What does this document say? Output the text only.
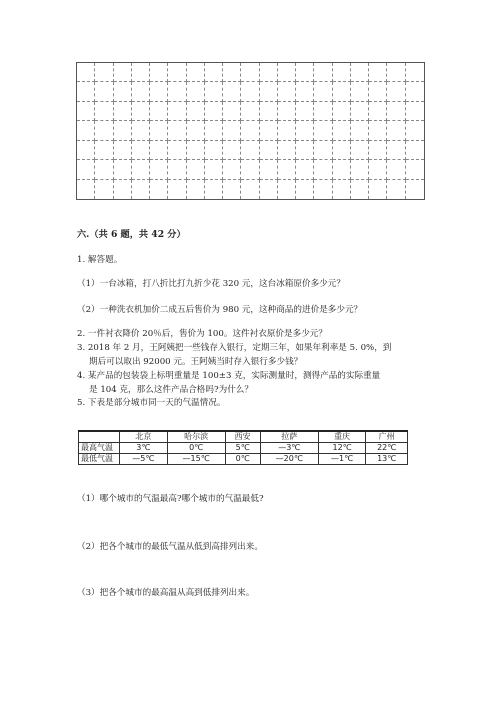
六.（共 6 题，共 42 分）

1. 解答题。

（1）一台冰箱，打八折比打九折少花 320 元，这台冰箱原价多少元？

（2）一种洗衣机加价二成五后售价为 980 元，这种商品的进价是多少元？

2. 一件衬衣降价 20％后，售价为 100。这件衬衣原价是多少元？

3. 2018 年 2 月，王阿姨把一些钱存入银行，定期三年，如果年利率是 5. 0%，到

期后可以取出 92000 元。王阿姨当时存入银行多少钱？

4. 某产品的包装袋上标明重量是 100±3 克，实际测量时，测得产品的实际重量

是 104 克，那么这件产品合格吗?为什么？

5. 下表是部分城市同一天的气温情况。

	北京	哈尔滨	西安	拉萨	重庆	广州
最高气温	3℃	0℃	5℃	—3℃	12℃	22℃
最低气温	—5℃	—15℃	0℃	—20℃	—1℃	13℃

（1）哪个城市的气温最高?哪个城市的气温最低?

（2）把各个城市的最低气温从低到高排列出来。

（3）把各个城市的最高温从高到低排列出来。
